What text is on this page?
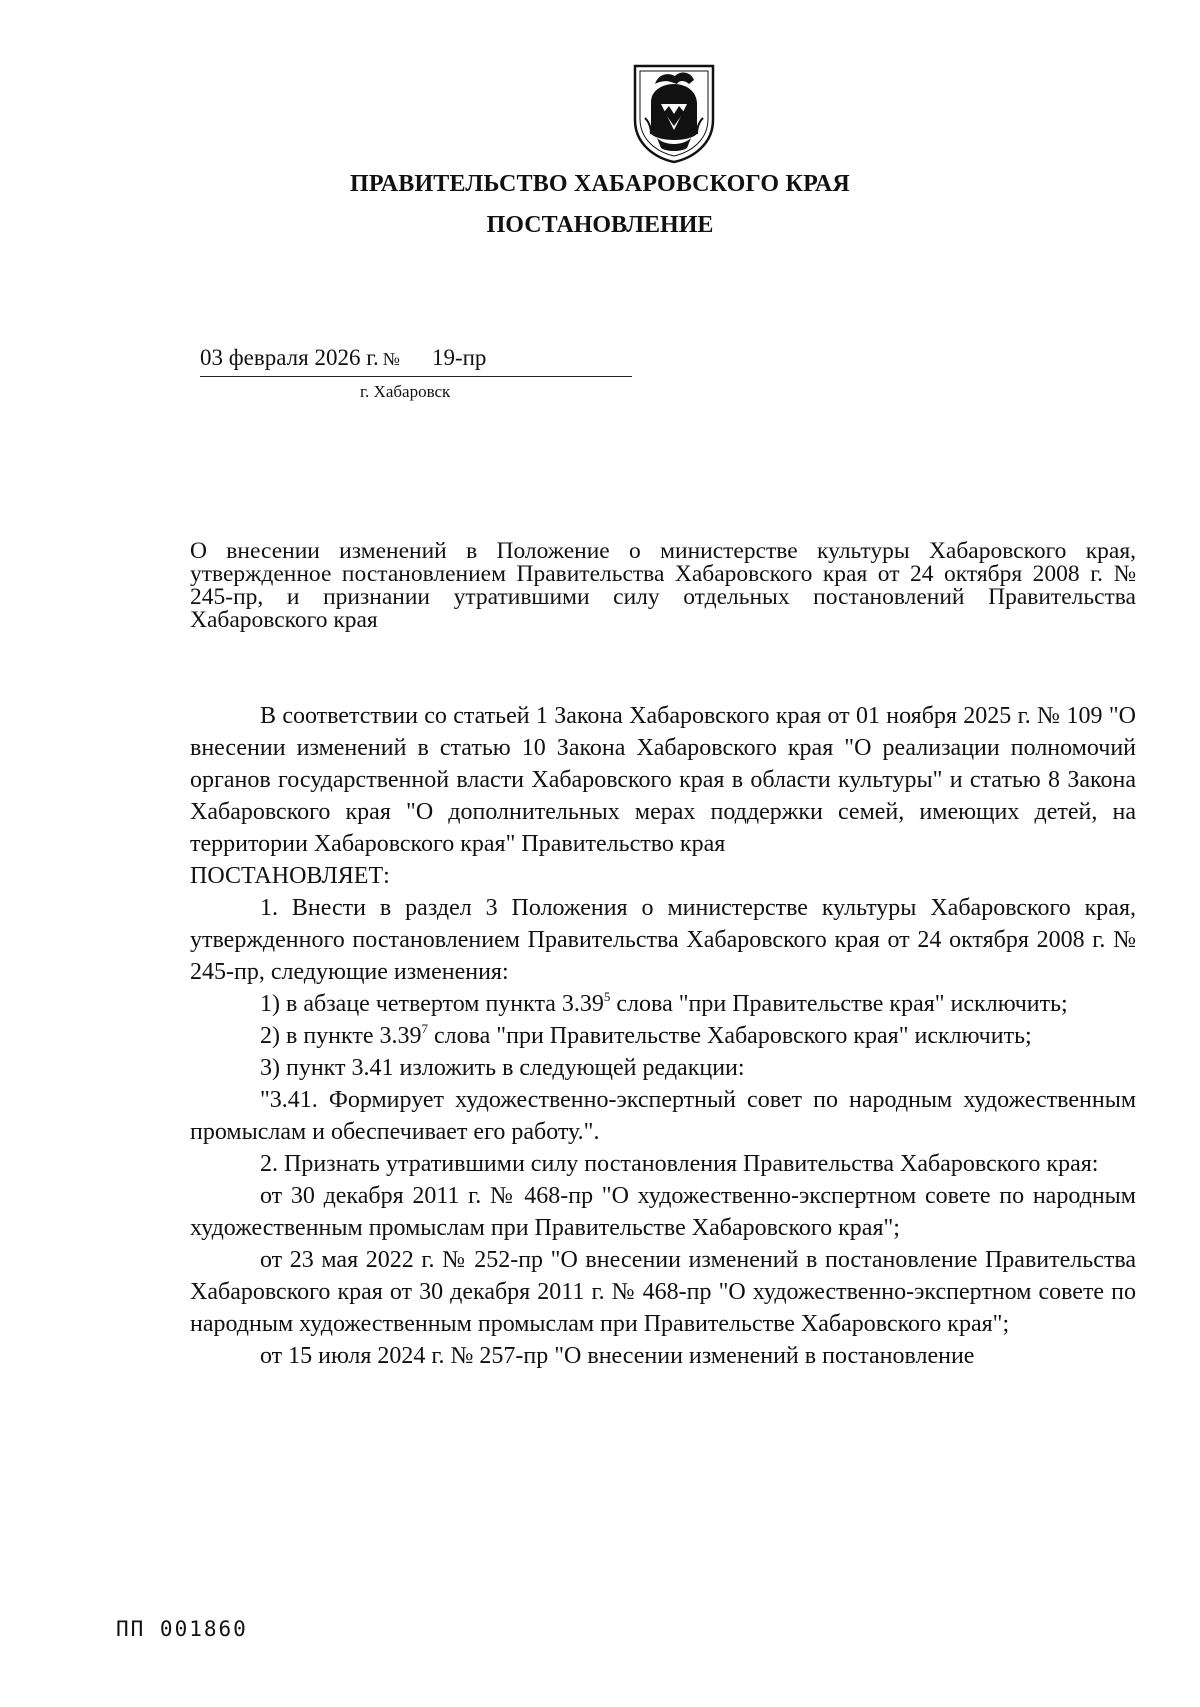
ПРАВИТЕЛЬСТВО ХАБАРОВСКОГО КРАЯ
ПОСТАНОВЛЕНИЕ
03 февраля 2026 г. № 19-пр
г. Хабаровск
О внесении изменений в Положение о министерстве культуры Хабаровского края, утвержденное постановлением Правительства Хабаровского края от 24 октября 2008 г. № 245-пр, и признании утратившими силу отдельных постановлений Правительства Хабаровского края

В соответствии со статьей 1 Закона Хабаровского края от 01 ноября 2025 г. № 109 "О внесении изменений в статью 10 Закона Хабаровского края "О реализации полномочий органов государственной власти Хабаровского края в области культуры" и статью 8 Закона Хабаровского края "О дополнительных мерах поддержки семей, имеющих детей, на территории Хабаровского края" Правительство края

ПОСТАНОВЛЯЕТ:

1. Внести в раздел 3 Положения о министерстве культуры Хабаровского края, утвержденного постановлением Правительства Хабаровского края от 24 октября 2008 г. № 245-пр, следующие изменения:

1) в абзаце четвертом пункта 3.39$^5$ слова "при Правительстве края" исключить;

2) в пункте 3.39$^7$ слова "при Правительстве Хабаровского края" исключить;

3) пункт 3.41 изложить в следующей редакции:

"3.41. Формирует художественно-экспертный совет по народным художественным промыслам и обеспечивает его работу.".

2. Признать утратившими силу постановления Правительства Хабаровского края:

от 30 декабря 2011 г. № 468-пр "О художественно-экспертном совете по народным художественным промыслам при Правительстве Хабаровского края";

от 23 мая 2022 г. № 252-пр "О внесении изменений в постановление Правительства Хабаровского края от 30 декабря 2011 г. № 468-пр "О художественно-экспертном совете по народным художественным промыслам при Правительстве Хабаровского края";

от 15 июля 2024 г. № 257-пр "О внесении изменений в постановление

ПП 001860
